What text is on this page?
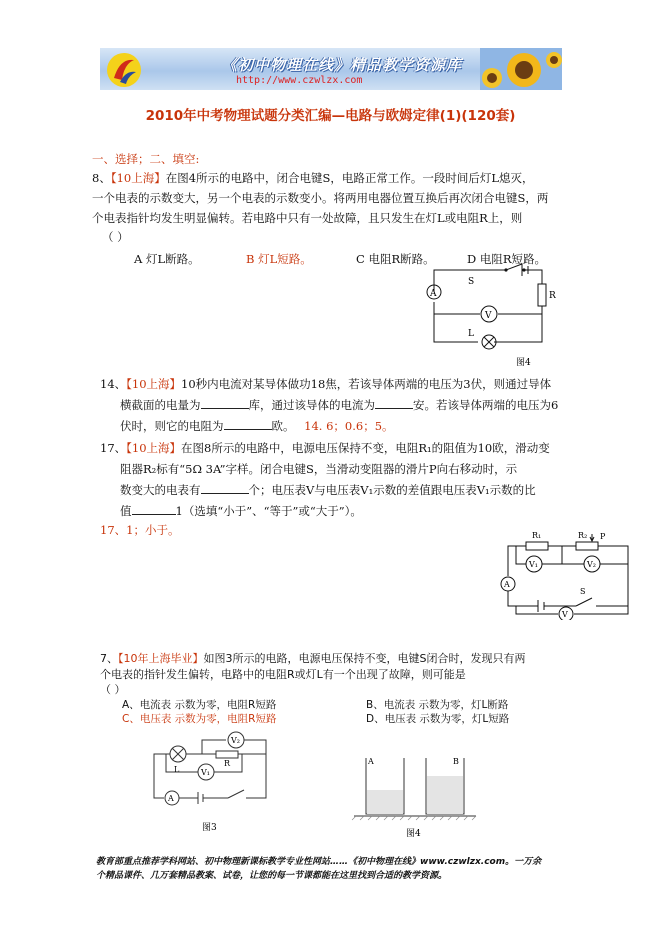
《初中物理在线》精品教学资源库
http://www.czwlzx.com
2010年中考物理试题分类汇编—电路与欧姆定律(1)(120套)
一、选择；二、填空:
8、【10上海】在图4所示的电路中，闭合电键S，电路正常工作。一段时间后灯L熄灭，
一个电表的示数变大，另一个电表的示数变小。将两用电器位置互换后再次闭合电键S，两
个电表指针均发生明显偏转。若电路中只有一处故障，且只发生在灯L或电阻R上，则
（ ）
A 灯L断路。	B 灯L短路。	C 电阻R断路。	D 电阻R短路。
S
R
A
V
L
图4
14、【10上海】10秒内电流对某导体做功18焦，若该导体两端的电压为3伏，则通过导体
横截面的电量为	库，通过该导体的电流为	安。若该导体两端的电压为6
伏时，则它的电阻为	欧。 14. 6；0.6；5。
17、【10上海】在图8所示的电路中，电源电压保持不变，电阻R₁的阻值为10欧，滑动变
阻器R₂标有“5Ω 3A”字样。闭合电键S，当滑动变阻器的滑片P向右移动时，示
数变大的电表有	个；电压表V与电压表V₁示数的差值跟电压表V₁示数的比
值	1（选填“小于”、“等于”或“大于”）。
17、1；小于。	R₁	R₂ P
V₁	V₂
A
S
V
7、【10年上海毕业】如图3所示的电路，电源电压保持不变，电键S闭合时，发现只有两
个电表的指针发生偏转，电路中的电阻R或灯L有一个出现了故障，则可能是
（ ）
A、电流表 示数为零，电阻R短路	B、电流表 示数为零，灯L断路
C、电压表 示数为零，电阻R短路	D、电压表 示数为零，灯L短路
V₂
L
R
V₁
A
图3
A	B
图4
教育部重点推荐学科网站、初中物理新课标教学专业性网站……《初中物理在线》www.czwlzx.com。一万余
个精品课件、几万套精品教案、试卷，让您的每一节课都能在这里找到合适的教学资源。
